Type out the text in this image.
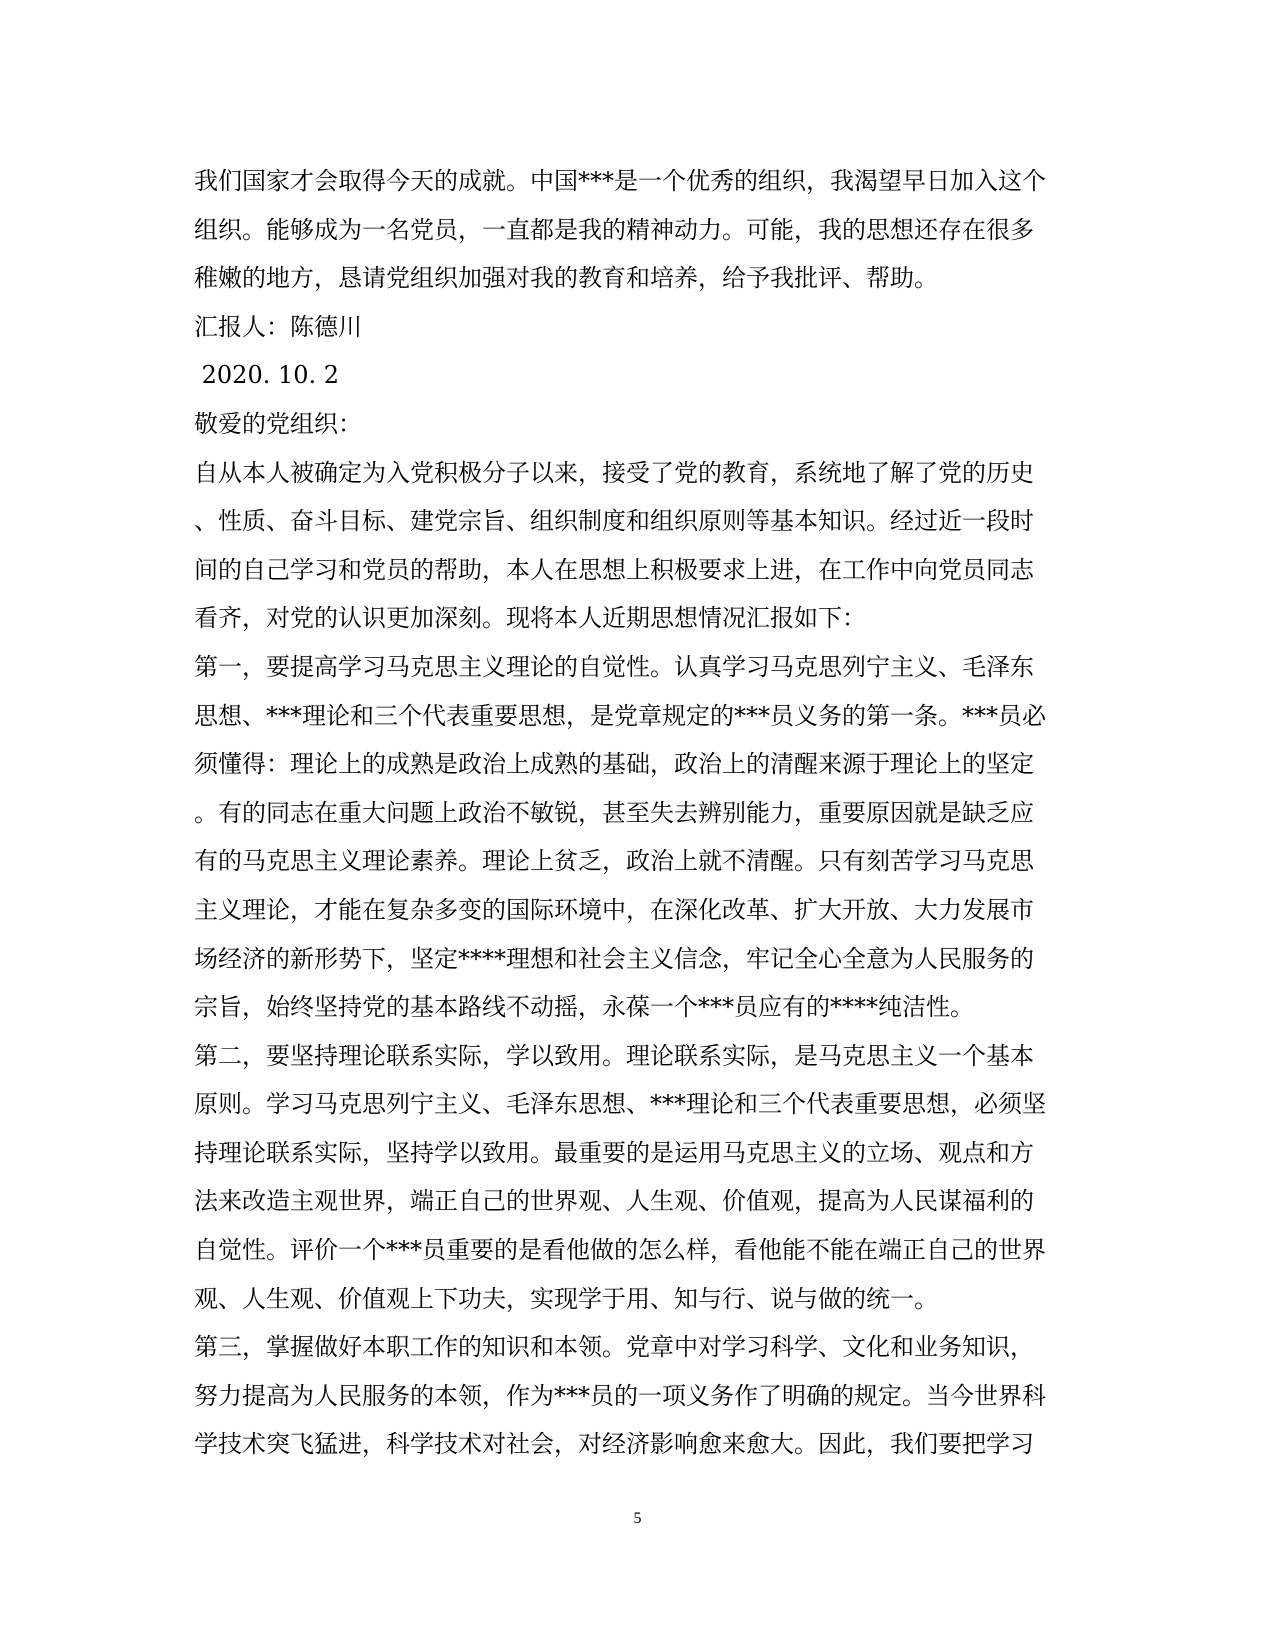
我们国家才会取得今天的成就。中国***是一个优秀的组织，我渴望早日加入这个
组织。能够成为一名党员，一直都是我的精神动力。可能，我的思想还存在很多
稚嫩的地方，恳请党组织加强对我的教育和培养，给予我批评、帮助。
汇报人：陈德川
2020. 10. 2
敬爱的党组织：
自从本人被确定为入党积极分子以来，接受了党的教育，系统地了解了党的历史
、性质、奋斗目标、建党宗旨、组织制度和组织原则等基本知识。经过近一段时
间的自己学习和党员的帮助，本人在思想上积极要求上进，在工作中向党员同志
看齐，对党的认识更加深刻。现将本人近期思想情况汇报如下：
第一，要提高学习马克思主义理论的自觉性。认真学习马克思列宁主义、毛泽东
思想、***理论和三个代表重要思想，是党章规定的***员义务的第一条。***员必
须懂得：理论上的成熟是政治上成熟的基础，政治上的清醒来源于理论上的坚定
。有的同志在重大问题上政治不敏锐，甚至失去辨别能力，重要原因就是缺乏应
有的马克思主义理论素养。理论上贫乏，政治上就不清醒。只有刻苦学习马克思
主义理论，才能在复杂多变的国际环境中，在深化改革、扩大开放、大力发展市
场经济的新形势下，坚定****理想和社会主义信念，牢记全心全意为人民服务的
宗旨，始终坚持党的基本路线不动摇，永葆一个***员应有的****纯洁性。
第二，要坚持理论联系实际，学以致用。理论联系实际，是马克思主义一个基本
原则。学习马克思列宁主义、毛泽东思想、***理论和三个代表重要思想，必须坚
持理论联系实际，坚持学以致用。最重要的是运用马克思主义的立场、观点和方
法来改造主观世界，端正自己的世界观、人生观、价值观，提高为人民谋福利的
自觉性。评价一个***员重要的是看他做的怎么样，看他能不能在端正自己的世界
观、人生观、价值观上下功夫，实现学于用、知与行、说与做的统一。
第三，掌握做好本职工作的知识和本领。党章中对学习科学、文化和业务知识，
努力提高为人民服务的本领，作为***员的一项义务作了明确的规定。当今世界科
学技术突飞猛进，科学技术对社会，对经济影响愈来愈大。因此，我们要把学习
5
